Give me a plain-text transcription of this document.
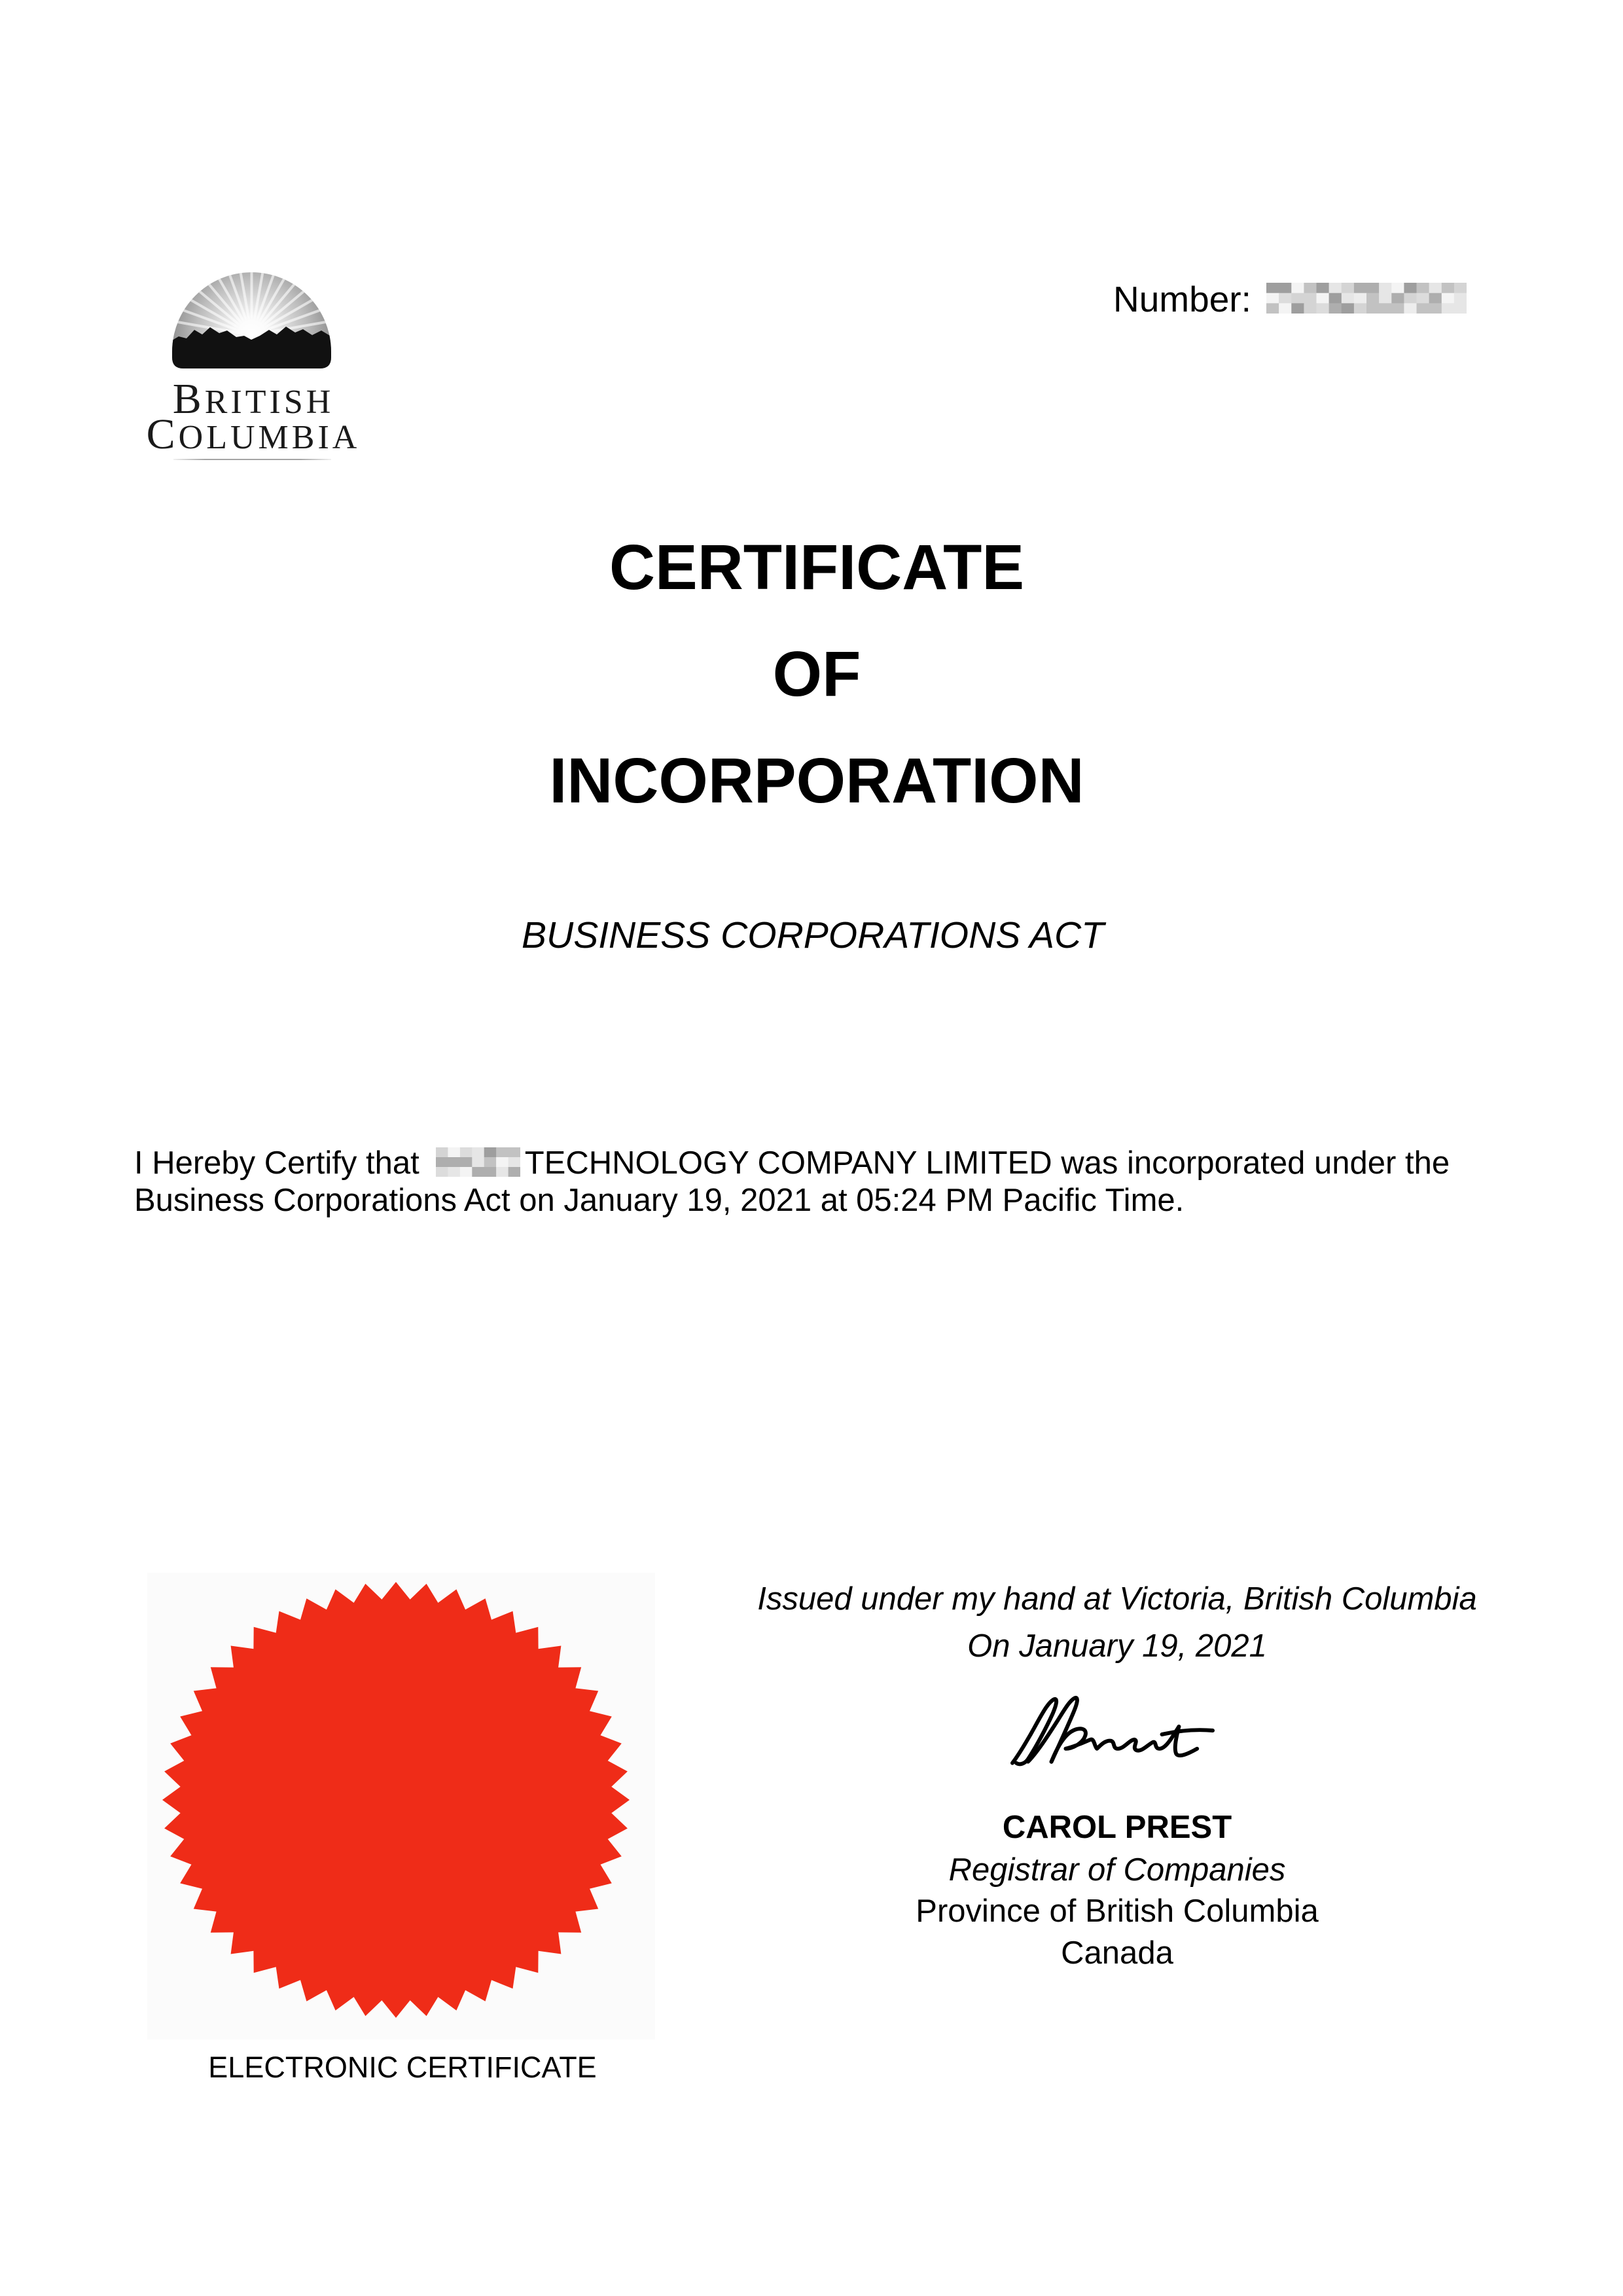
BRITISH
COLUMBIA
Number:
CERTIFICATE
OF
INCORPORATION
BUSINESS CORPORATIONS ACT
I Hereby Certify that	TECHNOLOGY COMPANY LIMITED was incorporated under the
Business Corporations Act on January 19, 2021 at 05:24 PM Pacific Time.
Issued under my hand at Victoria, British Columbia
On January 19, 2021
CAROL PREST
Registrar of Companies
Province of British Columbia
Canada
ELECTRONIC CERTIFICATE
